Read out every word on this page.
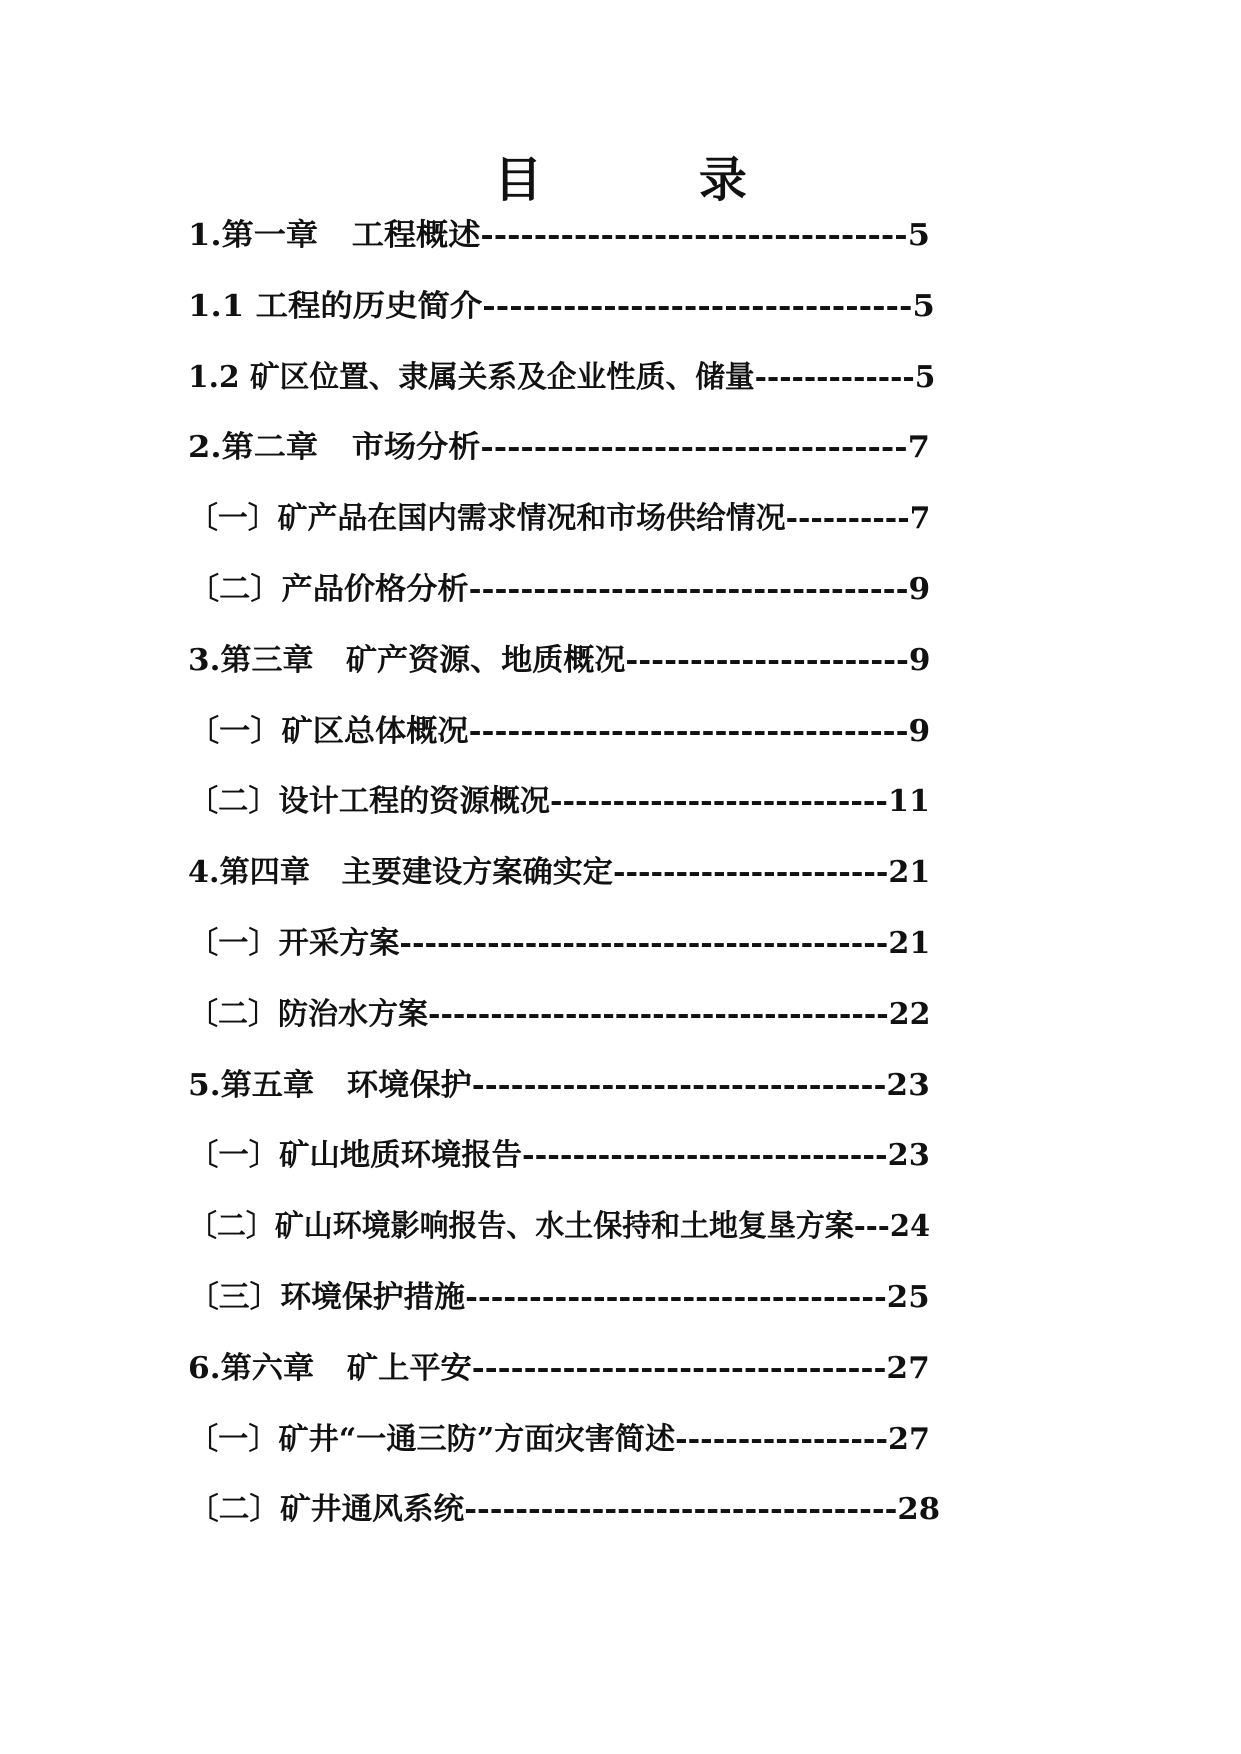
目 录
1.第一章 工程概述--------------------------------5
1.1 工程的历史简介--------------------------------5
1.2 矿区位置、隶属关系及企业性质、储量-------------5
2.第二章 市场分析--------------------------------7
〔一〕矿产品在国内需求情况和市场供给情况----------7
〔二〕产品价格分析----------------------------------9
3.第三章 矿产资源、地质概况----------------------9
〔一〕矿区总体概况----------------------------------9
〔二〕设计工程的资源概况---------------------------11
4.第四章 主要建设方案确实定----------------------21
〔一〕开采方案---------------------------------------21
〔二〕防治水方案-------------------------------------22
5.第五章 环境保护--------------------------------23
〔一〕矿山地质环境报告-----------------------------23
〔二〕矿山环境影响报告、水土保持和土地复垦方案---24
〔三〕环境保护措施---------------------------------25
6.第六章 矿上平安--------------------------------27
〔一〕矿井“一通三防”方面灾害简述-----------------27
〔二〕矿井通风系统----------------------------------28
